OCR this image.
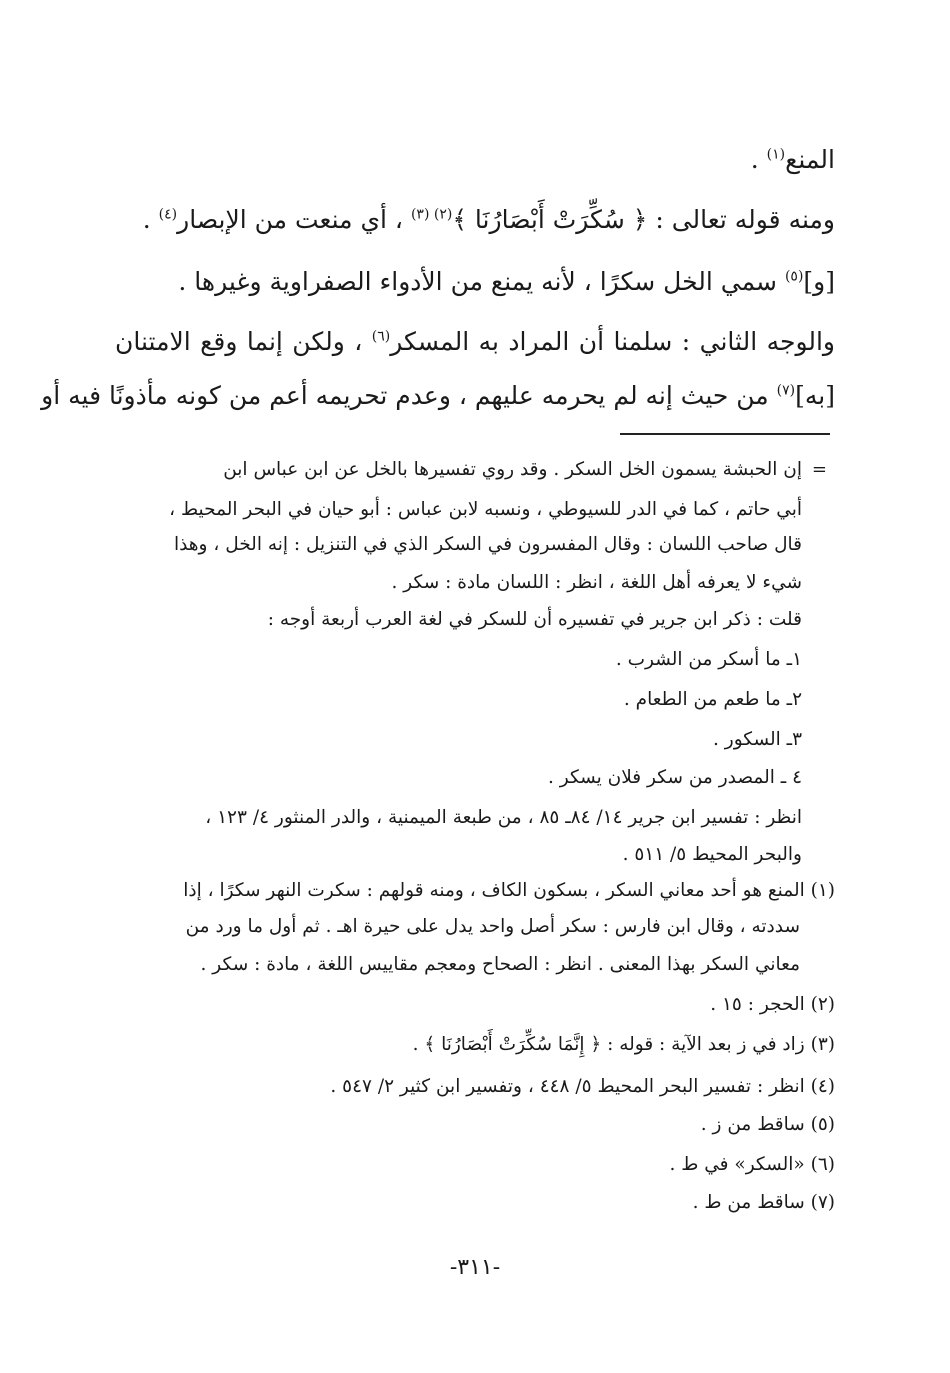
المنع$^{(١)}$ .
ومنه قوله تعالى : ﴿ سُكِّرَتْ أَبْصَارُنَا ﴾$^{(٢) (٣)}$ ، أي منعت من الإبصار$^{(٤)}$ .
[و]$^{(٥)}$ سمي الخل سكرًا ، لأنه يمنع من الأدواء الصفراوية وغيرها .
والوجه الثاني : سلمنا أن المراد به المسكر$^{(٦)}$ ، ولكن إنما وقع الامتنان
[به]$^{(٧)}$ من حيث إنه لم يحرمه عليهم ، وعدم تحريمه أعم من كونه مأذونًا فيه أو
=
إن الحبشة يسمون الخل السكر . وقد روي تفسيرها بالخل عن ابن عباس ابن
أبي حاتم ، كما في الدر للسيوطي ، ونسبه لابن عباس : أبو حيان في البحر المحيط ،
قال صاحب اللسان : وقال المفسرون في السكر الذي في التنزيل : إنه الخل ، وهذا
شيء لا يعرفه أهل اللغة ، انظر : اللسان مادة : سكر .
قلت : ذكر ابن جرير في تفسيره أن للسكر في لغة العرب أربعة أوجه :
١ـ ما أسكر من الشرب .
٢ـ ما طعم من الطعام .
٣ـ السكور .
٤ ـ المصدر من سكر فلان يسكر .
انظر : تفسير ابن جرير ١٤/ ٨٤ـ ٨٥ ، من طبعة الميمنية ، والدر المنثور ٤/ ١٢٣ ،
والبحر المحيط ٥/ ٥١١ .
(١) المنع هو أحد معاني السكر ، بسكون الكاف ، ومنه قولهم : سكرت النهر سكرًا ، إذا
سددته ، وقال ابن فارس : سكر أصل واحد يدل على حيرة اهـ . ثم أول ما ورد من
معاني السكر بهذا المعنى . انظر : الصحاح ومعجم مقاييس اللغة ، مادة : سكر .
(٢) الحجر : ١٥ .
(٣) زاد في ز بعد الآية : قوله : ﴿ إِنَّمَا سُكِّرَتْ أَبْصَارُنَا ﴾ .
(٤) انظر : تفسير البحر المحيط ٥/ ٤٤٨ ، وتفسير ابن كثير ٢/ ٥٤٧ .
(٥) ساقط من ز .
(٦) «السكر» في ط .
(٧) ساقط من ط .
-٣١١-
